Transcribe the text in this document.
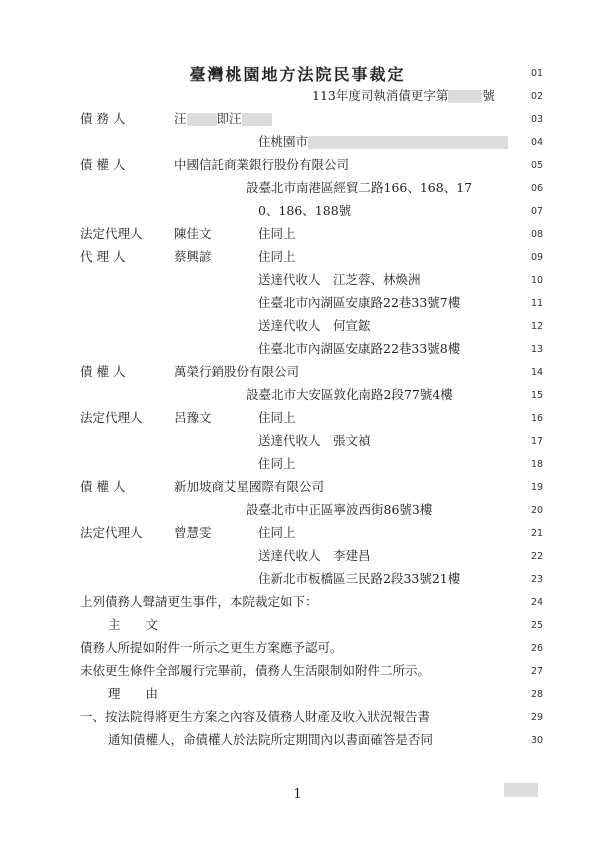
臺灣桃園地方法院民事裁定
113年度司執消債更字第	號
債 務 人	汪 即汪
住桃園市
債 權 人	中國信託商業銀行股份有限公司
設臺北市南港區經貿二路166、168、17
0、186、188號
法定代理人	陳佳文	住同上
代 理 人	蔡興諺	住同上
送達代收人　江芝蓉、林煥洲
住臺北市內湖區安康路22巷33號7樓
送達代收人　何宣鋐
住臺北市內湖區安康路22巷33號8樓
債 權 人	萬榮行銷股份有限公司
設臺北市大安區敦化南路2段77號4樓
法定代理人	呂豫文	住同上
送達代收人　張文禎
住同上
債 權 人	新加坡商艾星國際有限公司
設臺北市中正區寧波西街86號3樓
法定代理人	曾慧雯	住同上
送達代收人　李建昌
住新北市板橋區三民路2段33號21樓
上列債務人聲請更生事件，本院裁定如下：
主　　文
債務人所提如附件一所示之更生方案應予認可。
未依更生條件全部履行完畢前，債務人生活限制如附件二所示。
理　　由
一、按法院得將更生方案之內容及債務人財產及收入狀況報告書
通知債權人，命債權人於法院所定期間內以書面確答是否同
01
02
03
04
05
06
07
08
09
10
11
12
13
14
15
16
17
18
19
20
21
22
23
24
25
26
27
28
29
30
1
